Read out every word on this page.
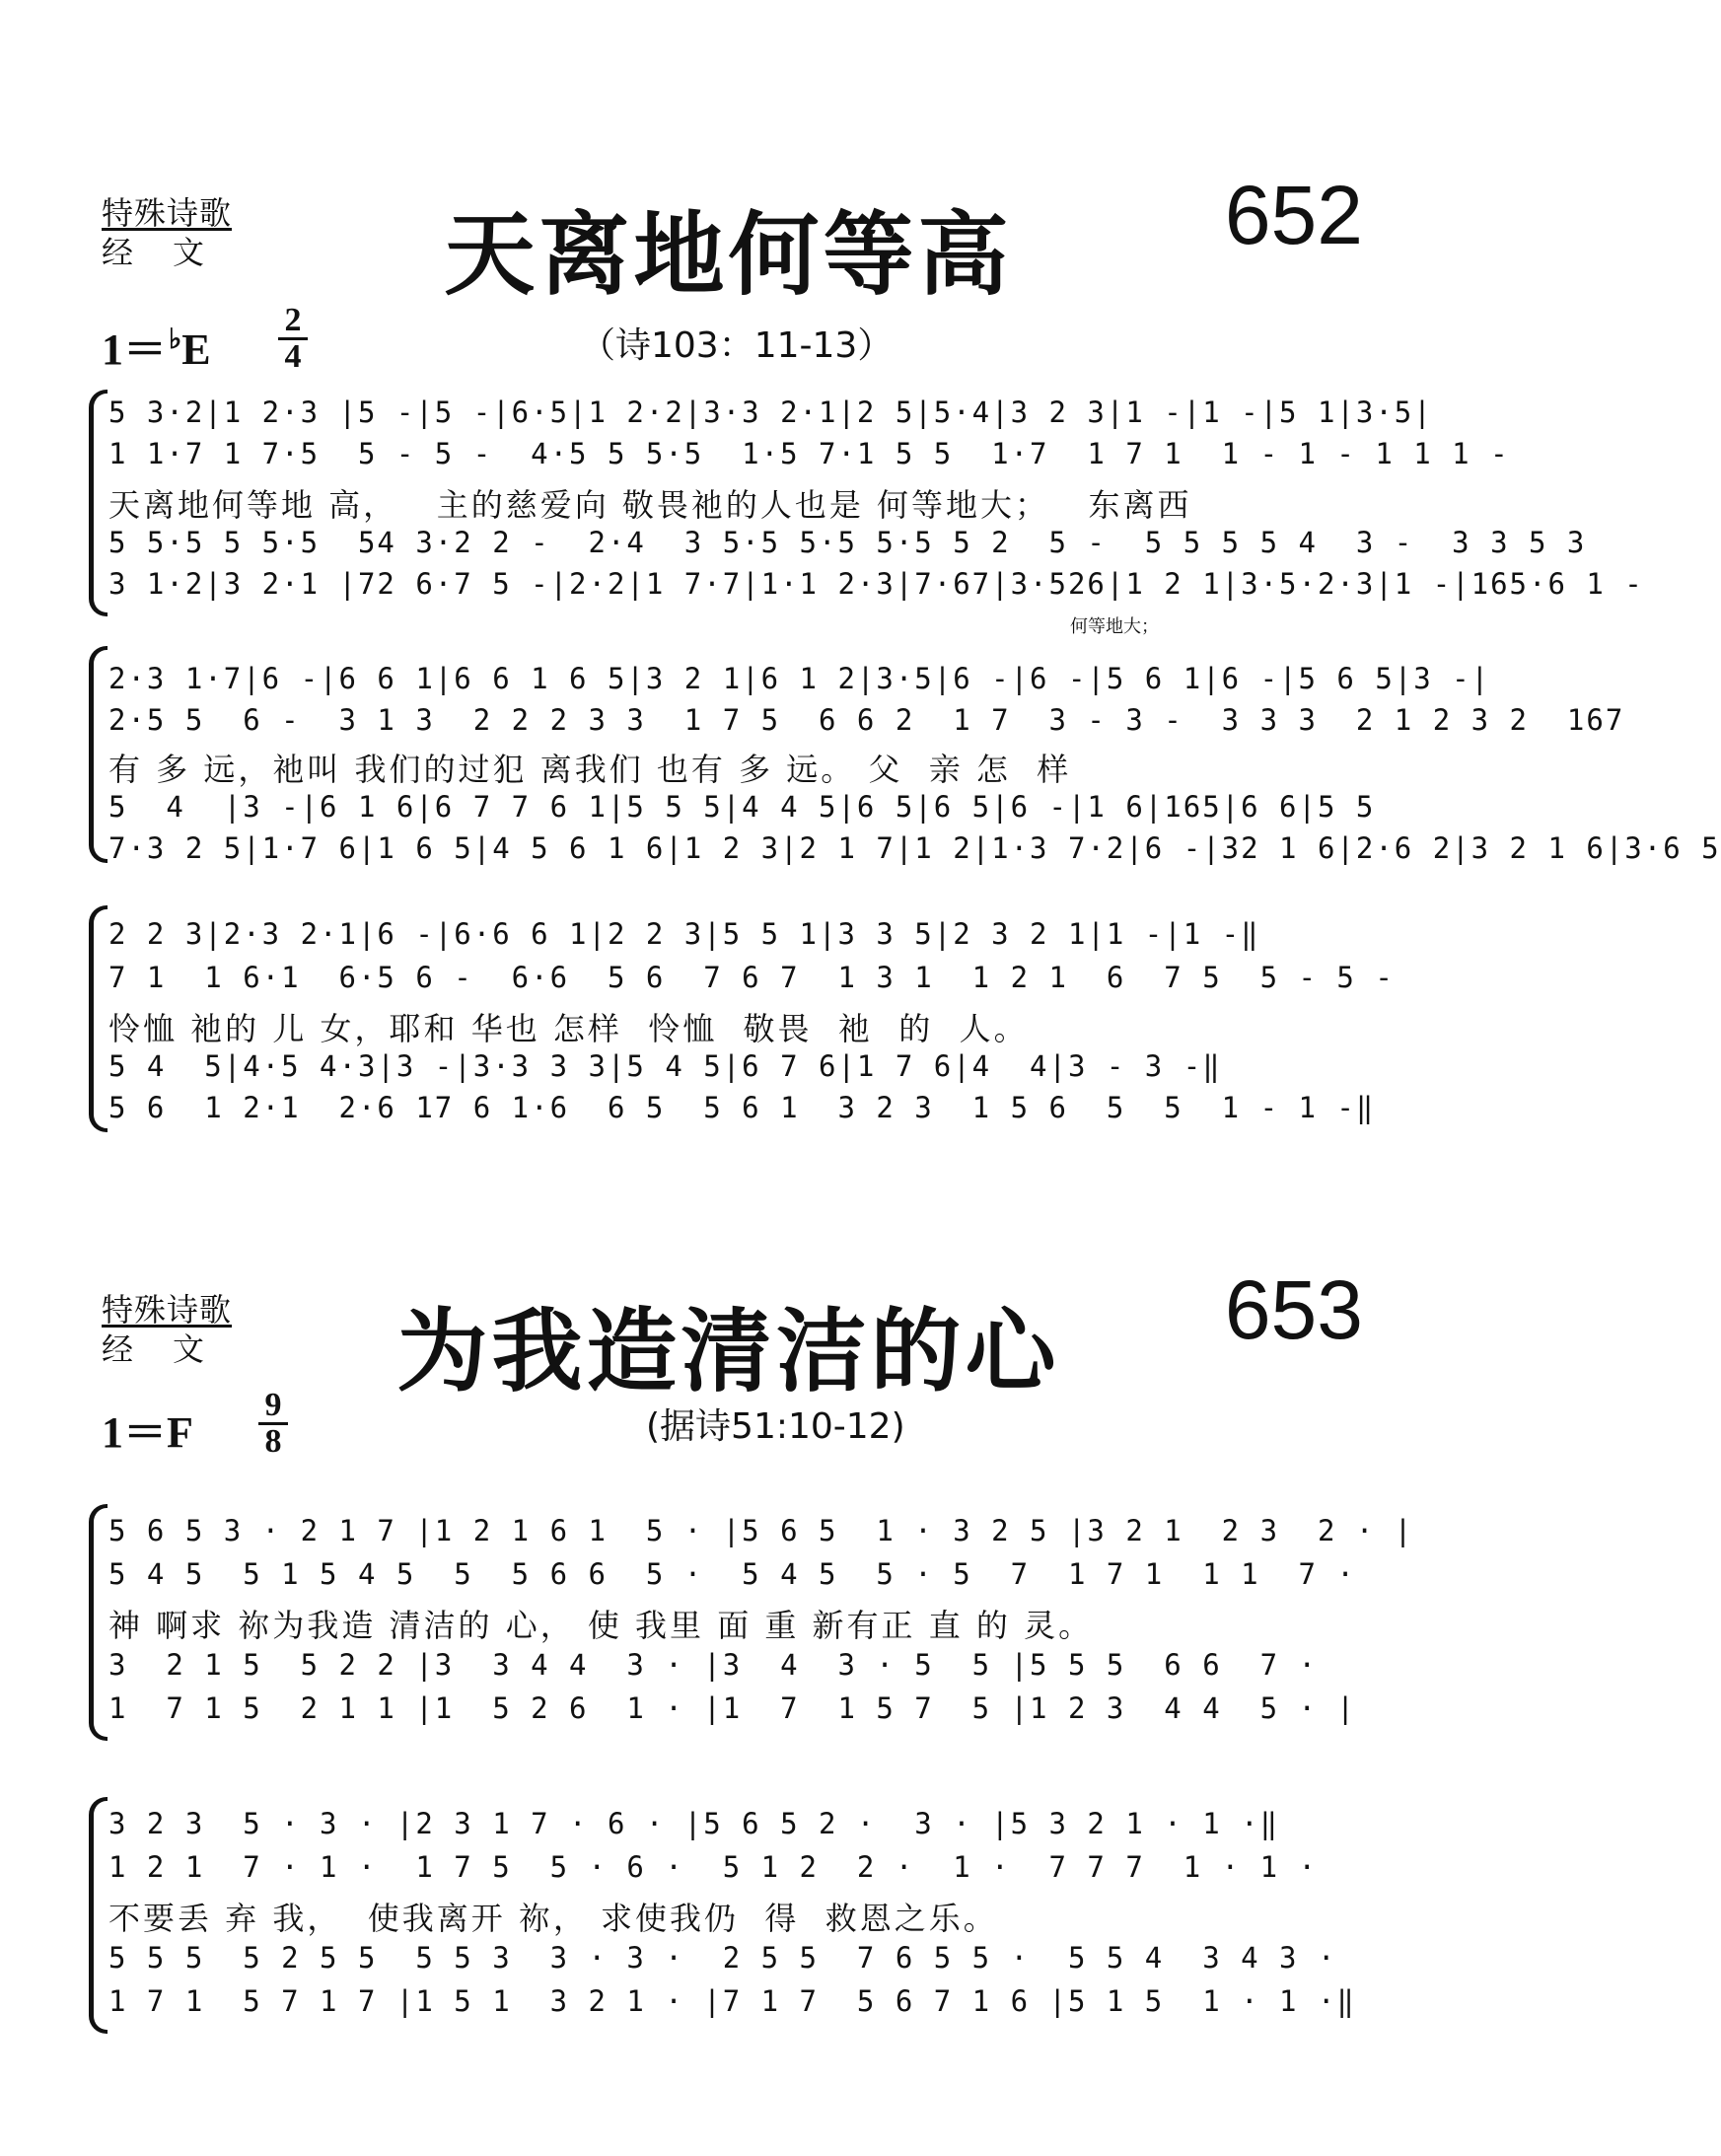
特殊诗歌
经文	天离地何等高	652
$1=^♭E \frac{2}{4}$	（诗103：11-13）
5 3·2|1 2·3 |5 -|5 -|6·5|1 2·2|3·3 2·1|2 5|5·4|3 2 3|1 -|1 -|5 1|3·5|
1 1·7 1 7·5  5 - 5 -  4·5 5 5·5  1·5 7·1 5 5  1·7  1 7 1  1 - 1 - 1 1 1 -
天离地何等地 高，   主的慈爱向 敬畏祂的人也是 何等地大；   东离西
5 5·5 5 5·5  54 3·2 2 -  2·4  3 5·5 5·5 5·5 5 2  5 -  5 5 5 5 4  3 -  3 3 5 3
3 1·2|3 2·1 |72 6·7 5 -|2·2|1 7·7|1·1 2·3|7·67|3·526|1 2 1|3·5·2·3|1 -|165·6 1 -
何等地大；
2·3 1·7|6 -|6 6 1|6 6 1 6 5|3 2 1|6 1 2|3·5|6 -|6 -|5 6 1|6 -|5 6 5|3 -|
2·5 5  6 -  3 1 3  2 2 2 3 3  1 7 5  6 6 2  1 7  3 - 3 -  3 3 3  2 1 2 3 2  167
有 多 远，祂叫 我们的过犯 离我们 也有 多 远。 父  亲 怎  样
5  4  |3 -|6 1 6|6 7 7 6 1|5 5 5|4 4 5|6 5|6 5|6 -|1 6|165|6 6|5 5
7·3 2 5|1·7 6|1 6 5|4 5 6 1 6|1 2 3|2 1 7|1 2|1·3 7·2|6 -|32 1 6|2·6 2|3 2 1 6|3·6 5
2 2 3|2·3 2·1|6 -|6·6 6 1|2 2 3|5 5 1|3 3 5|2 3 2 1|1 -|1 -‖
7 1  1 6·1  6·5 6 -  6·6  5 6  7 6 7  1 3 1  1 2 1  6  7 5  5 - 5 -
怜恤 祂的 儿 女，耶和 华也 怎样  怜恤  敬畏  祂  的  人。
5 4  5|4·5 4·3|3 -|3·3 3 3|5 4 5|6 7 6|1 7 6|4  4|3 - 3 -‖
5 6  1 2·1  2·6 17 6 1·6  6 5  5 6 1  3 2 3  1 5 6  5  5  1 - 1 -‖
特殊诗歌
经文	为我造清洁的心	653
$1=F \frac{9}{8}$	(据诗51:10-12)
5 6 5 3 · 2 1 7 |1 2 1 6 1  5 · |5 6 5  1 · 3 2 5 |3 2 1  2 3  2 · |
5 4 5  5 1 5 4 5  5  5 6 6  5 ·  5 4 5  5 · 5  7  1 7 1  1 1  7 ·
神 啊求 祢为我造 清洁的 心， 使 我里 面 重 新有正 直 的 灵。
3  2 1 5  5 2 2 |3  3 4 4  3 · |3  4  3 · 5  5 |5 5 5  6 6  7 ·
1  7 1 5  2 1 1 |1  5 2 6  1 · |1  7  1 5 7  5 |1 2 3  4 4  5 · |
3 2 3  5 · 3 · |2 3 1 7 · 6 · |5 6 5 2 ·  3 · |5 3 2 1 · 1 ·‖
1 2 1  7 · 1 ·  1 7 5  5 · 6 ·  5 1 2  2 ·  1 ·  7 7 7  1 · 1 ·
不要丢 弃 我，  使我离开 祢， 求使我仍  得  救恩之乐。
5 5 5  5 2 5 5  5 5 3  3 · 3 ·  2 5 5  7 6 5 5 ·  5 5 4  3 4 3 ·
1 7 1  5 7 1 7 |1 5 1  3 2 1 · |7 1 7  5 6 7 1 6 |5 1 5  1 · 1 ·‖
